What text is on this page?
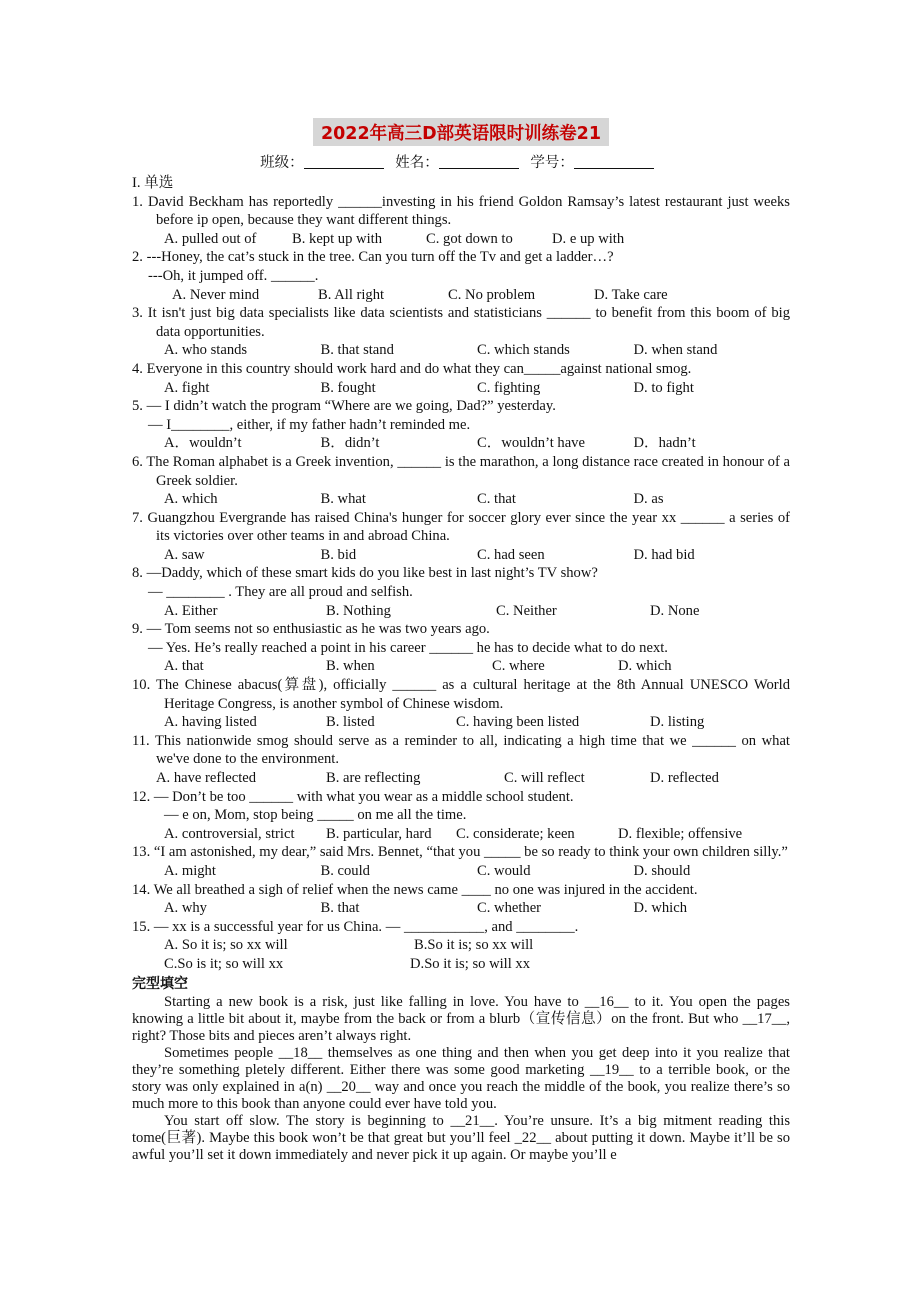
2022年高三D部英语限时训练卷21
班级：	姓名：	学号：
I. 单选
1. David Beckham has reportedly ______investing in his friend Goldon Ramsay’s latest restaurant just weeks before ip open, because they want different things.
A. pulled out of	B. kept up with	C. got down to	D. e up with
2. ---Honey, the cat’s stuck in the tree. Can you turn off the Tv and get a ladder…?
---Oh, it jumped off. ______.
A. Never mind	B. All right	C. No problem	D. Take care
3. It isn't just big data specialists like data scientists and statisticians ______ to benefit from this boom of big data opportunities.
A. who stands	B. that stand	C. which stands	D. when stand
4. Everyone in this country should work hard and do what they can_____against national smog.
A. fight	B. fought	C. fighting	D. to fight
5. — I didn’t watch the program “Where are we going, Dad?” yesterday.
— I________, either, if my father hadn’t reminded me.
A．wouldn’t	B．didn’t	C．wouldn’t have	D．hadn’t
6. The Roman alphabet is a Greek invention, ______ is the marathon, a long distance race created in honour of a Greek soldier.
A. which	B. what	C. that	D. as
7. Guangzhou Evergrande has raised China's hunger for soccer glory ever since the year xx ______ a series of its victories over other teams in and abroad China.
A. saw	B. bid	C. had seen	D. had bid
8. —Daddy, which of these smart kids do you like best in last night’s TV show?
— ________ . They are all proud and selfish.
A. Either	B. Nothing	C. Neither	D. None
9. — Tom seems not so enthusiastic as he was two years ago.
— Yes. He’s really reached a point in his career ______ he has to decide what to do next.
A. that	B. when	C. where	D. which
10. The Chinese abacus(算盘), officially ______ as a cultural heritage at the 8th Annual UNESCO World Heritage Congress, is another symbol of Chinese wisdom.
A. having listed	B. listed	C. having been listed	D. listing
11. This nationwide smog should serve as a reminder to all, indicating a high time that we ______ on what we've done to the environment.
A. have reflected	B. are reflecting	C. will reflect	D. reflected
12. — Don’t be too ______ with what you wear as a middle school student.
— e on, Mom, stop being _____ on me all the time.
A. controversial, strict	B. particular, hard	C. considerate; keen	D. flexible; offensive
13. “I am astonished, my dear,” said Mrs. Bennet, “that you _____ be so ready to think your own children silly.”
A. might	B. could	C. would	D. should
14. We all breathed a sigh of relief when the news came ____ no one was injured in the accident.
A. why	B. that	C. whether	D. which
15. — xx is a successful year for us China. — ___________, and ________.
A. So it is; so xx will	B.So it is; so xx will
C.So is it; so will xx	D.So it is; so will xx
完型填空
Starting a new book is a risk, just like falling in love. You have to __16__ to it. You open the pages knowing a little bit about it, maybe from the back or from a blurb（宣传信息）on the front. But who __17__, right? Those bits and pieces aren’t always right.
Sometimes people __18__ themselves as one thing and then when you get deep into it you realize that they’re something pletely different. Either there was some good marketing __19__ to a terrible book, or the story was only explained in a(n) __20__ way and once you reach the middle of the book, you realize there’s so much more to this book than anyone could ever have told you.
You start off slow. The story is beginning to __21__. You’re unsure. It’s a big mitment reading this tome(巨著). Maybe this book won’t be that great but you’ll feel _22__ about putting it down. Maybe it’ll be so awful you’ll set it down immediately and never pick it up again. Or maybe you’ll e
